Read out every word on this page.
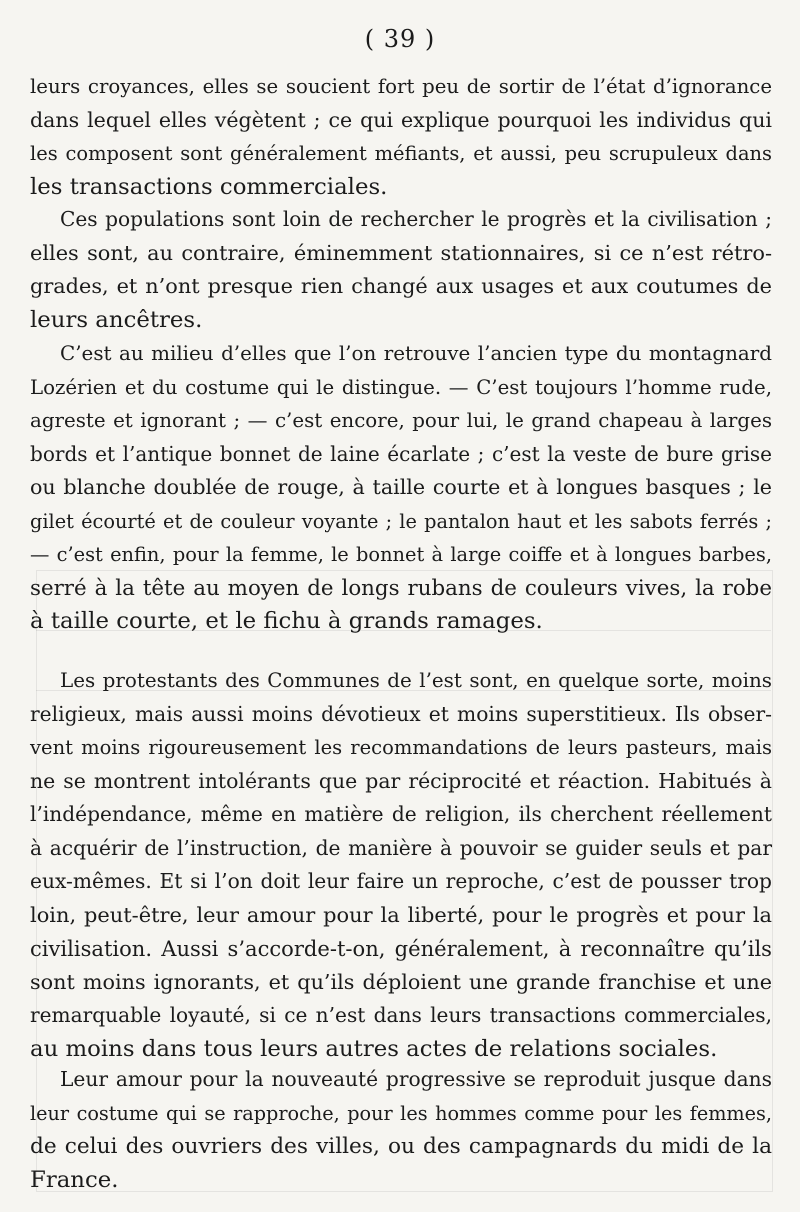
( 39 )
leurs croyances, elles se soucient fort peu de sortir de l’état d’ignorance
dans lequel elles végètent ; ce qui explique pourquoi les individus qui
les composent sont généralement méfiants, et aussi, peu scrupuleux dans
les transactions commerciales.
Ces populations sont loin de rechercher le progrès et la civilisation ;
elles sont, au contraire, éminemment stationnaires, si ce n’est rétro-
grades, et n’ont presque rien changé aux usages et aux coutumes de
leurs ancêtres.
C’est au milieu d’elles que l’on retrouve l’ancien type du montagnard
Lozérien et du costume qui le distingue. — C’est toujours l’homme rude,
agreste et ignorant ; — c’est encore, pour lui, le grand chapeau à larges
bords et l’antique bonnet de laine écarlate ; c’est la veste de bure grise
ou blanche doublée de rouge, à taille courte et à longues basques ; le
gilet écourté et de couleur voyante ; le pantalon haut et les sabots ferrés ;
— c’est enfin, pour la femme, le bonnet à large coiffe et à longues barbes,
serré à la tête au moyen de longs rubans de couleurs vives, la robe
à taille courte, et le fichu à grands ramages.
Les protestants des Communes de l’est sont, en quelque sorte, moins
religieux, mais aussi moins dévotieux et moins superstitieux. Ils obser-
vent moins rigoureusement les recommandations de leurs pasteurs, mais
ne se montrent intolérants que par réciprocité et réaction. Habitués à
l’indépendance, même en matière de religion, ils cherchent réellement
à acquérir de l’instruction, de manière à pouvoir se guider seuls et par
eux-mêmes. Et si l’on doit leur faire un reproche, c’est de pousser trop
loin, peut-être, leur amour pour la liberté, pour le progrès et pour la
civilisation. Aussi s’accorde-t-on, généralement, à reconnaître qu’ils
sont moins ignorants, et qu’ils déploient une grande franchise et une
remarquable loyauté, si ce n’est dans leurs transactions commerciales,
au moins dans tous leurs autres actes de relations sociales.
Leur amour pour la nouveauté progressive se reproduit jusque dans
leur costume qui se rapproche, pour les hommes comme pour les femmes,
de celui des ouvriers des villes, ou des campagnards du midi de la
France.
